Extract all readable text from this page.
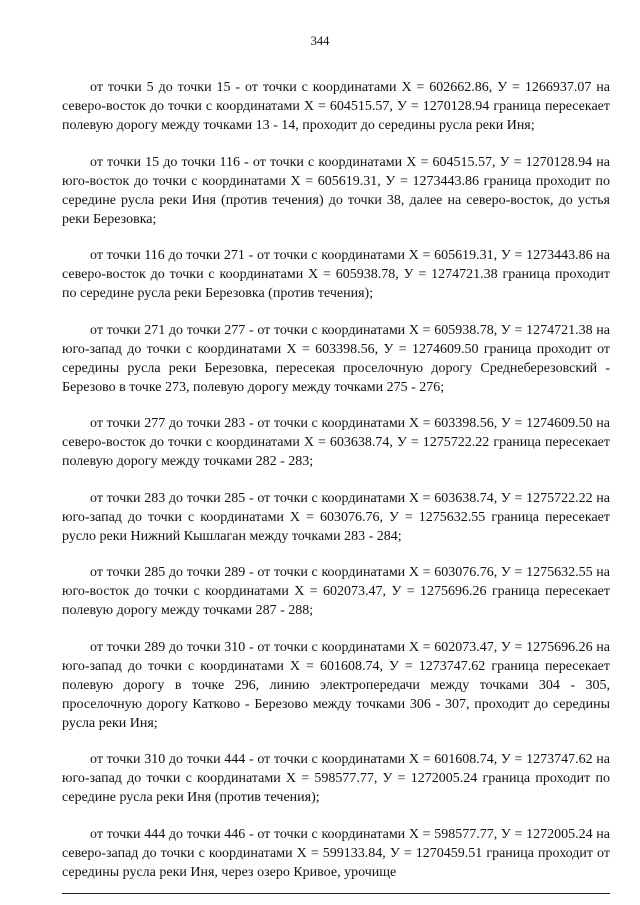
344

от точки 5 до точки 15 - от точки с координатами Х = 602662.86, У = 1266937.07 на северо-восток до точки с координатами Х = 604515.57, У = 1270128.94 граница пересекает полевую дорогу между точками 13 - 14, проходит до середины русла реки Иня;

от точки 15 до точки 116 - от точки с координатами Х = 604515.57, У = 1270128.94 на юго-восток до точки с координатами Х = 605619.31, У = 1273443.86 граница проходит по середине русла реки Иня (против течения) до точки 38, далее на северо-восток, до устья реки Березовка;

от точки 116 до точки 271 - от точки с координатами Х = 605619.31, У = 1273443.86 на северо-восток до точки с координатами Х = 605938.78, У = 1274721.38 граница проходит по середине русла реки Березовка (против течения);

от точки 271 до точки 277 - от точки с координатами Х = 605938.78, У = 1274721.38 на юго-запад до точки с координатами Х = 603398.56, У = 1274609.50 граница проходит от середины русла реки Березовка, пересекая проселочную дорогу Среднеберезовский - Березово в точке 273, полевую дорогу между точками 275 - 276;

от точки 277 до точки 283 - от точки с координатами Х = 603398.56, У = 1274609.50 на северо-восток до точки с координатами Х = 603638.74, У = 1275722.22 граница пересекает полевую дорогу между точками 282 - 283;

от точки 283 до точки 285 - от точки с координатами Х = 603638.74, У = 1275722.22 на юго-запад до точки с координатами Х = 603076.76, У = 1275632.55 граница пересекает русло реки Нижний Кышлаган между точками 283 - 284;

от точки 285 до точки 289 - от точки с координатами Х = 603076.76, У = 1275632.55 на юго-восток до точки с координатами Х = 602073.47, У = 1275696.26 граница пересекает полевую дорогу между точками 287 - 288;

от точки 289 до точки 310 - от точки с координатами Х = 602073.47, У = 1275696.26 на юго-запад до точки с координатами Х = 601608.74, У = 1273747.62 граница пересекает полевую дорогу в точке 296, линию электропередачи между точками 304 - 305, проселочную дорогу Катково - Березово между точками 306 - 307, проходит до середины русла реки Иня;

от точки 310 до точки 444 - от точки с координатами Х = 601608.74, У = 1273747.62 на юго-запад до точки с координатами Х = 598577.77, У = 1272005.24 граница проходит по середине русла реки Иня (против течения);

от точки 444 до точки 446 - от точки с координатами Х = 598577.77, У = 1272005.24 на северо-запад до точки с координатами Х = 599133.84, У = 1270459.51 граница проходит от середины русла реки Иня, через озеро Кривое, урочище
